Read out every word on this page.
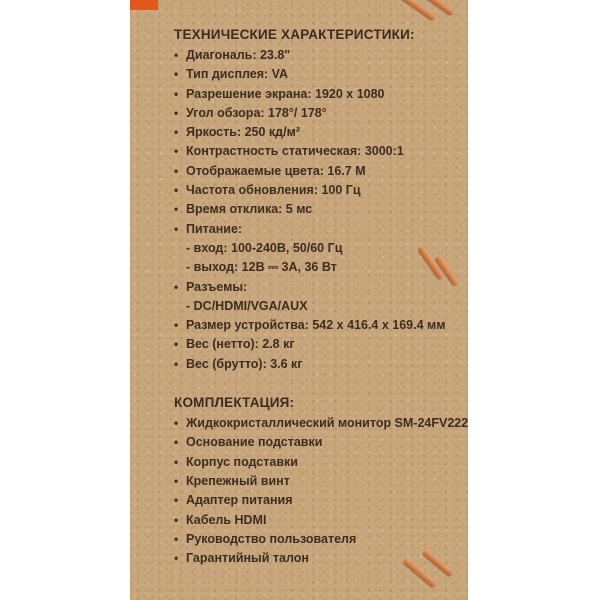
ТЕХНИЧЕСКИЕ ХАРАКТЕРИСТИКИ:
• Диагональ: 23.8"
• Тип дисплея: VA
• Разрешение экрана: 1920 x 1080
• Угол обзора: 178°/ 178°
• Яркость: 250 кд/м²
• Контрастность статическая: 3000:1
• Отображаемые цвета: 16.7 М
• Частота обновления: 100 Гц
• Время отклика: 5 мс
• Питание:
- вход: 100-240В, 50/60 Гц
- выход: 12В ⎓ 3А, 36 Вт
• Разъемы:
- DC/HDMI/VGA/AUX
• Размер устройства: 542 x 416.4 x 169.4 мм
• Вес (нетто): 2.8 кг
• Вес (брутто): 3.6 кг
КОМПЛЕКТАЦИЯ:
• Жидкокристаллический монитор SM-24FV222
• Основание подставки
• Корпус подставки
• Крепежный винт
• Адаптер питания
• Кабель HDMI
• Руководство пользователя
• Гарантийный талон
